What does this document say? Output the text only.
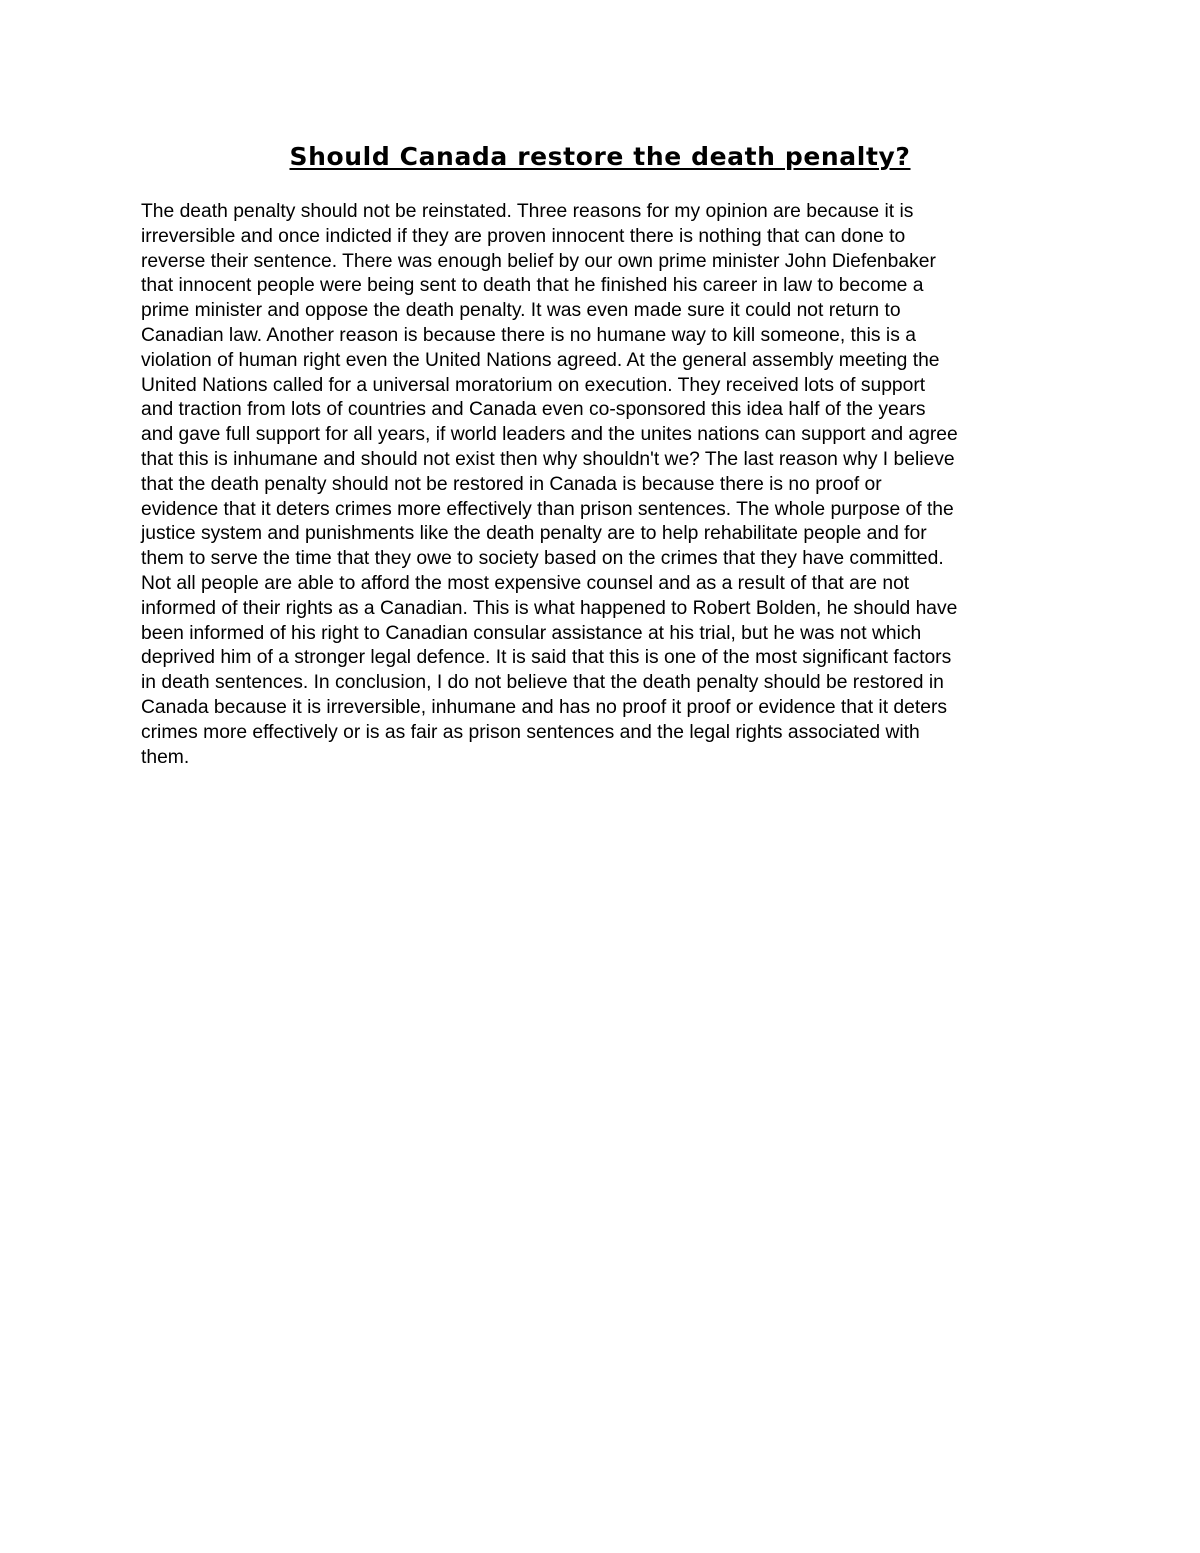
Should Canada restore the death penalty?
The death penalty should not be reinstated. Three reasons for my opinion are because it is
irreversible and once indicted if they are proven innocent there is nothing that can done to
reverse their sentence. There was enough belief by our own prime minister John Diefenbaker
that innocent people were being sent to death that he finished his career in law to become a
prime minister and oppose the death penalty. It was even made sure it could not return to
Canadian law. Another reason is because there is no humane way to kill someone, this is a
violation of human right even the United Nations agreed. At the general assembly meeting the
United Nations called for a universal moratorium on execution. They received lots of support
and traction from lots of countries and Canada even co-sponsored this idea half of the years
and gave full support for all years, if world leaders and the unites nations can support and agree
that this is inhumane and should not exist then why shouldn't we? The last reason why I believe
that the death penalty should not be restored in Canada is because there is no proof or
evidence that it deters crimes more effectively than prison sentences. The whole purpose of the
justice system and punishments like the death penalty are to help rehabilitate people and for
them to serve the time that they owe to society based on the crimes that they have committed.
Not all people are able to afford the most expensive counsel and as a result of that are not
informed of their rights as a Canadian. This is what happened to Robert Bolden, he should have
been informed of his right to Canadian consular assistance at his trial, but he was not which
deprived him of a stronger legal defence. It is said that this is one of the most significant factors
in death sentences. In conclusion, I do not believe that the death penalty should be restored in
Canada because it is irreversible, inhumane and has no proof it proof or evidence that it deters
crimes more effectively or is as fair as prison sentences and the legal rights associated with
them.
